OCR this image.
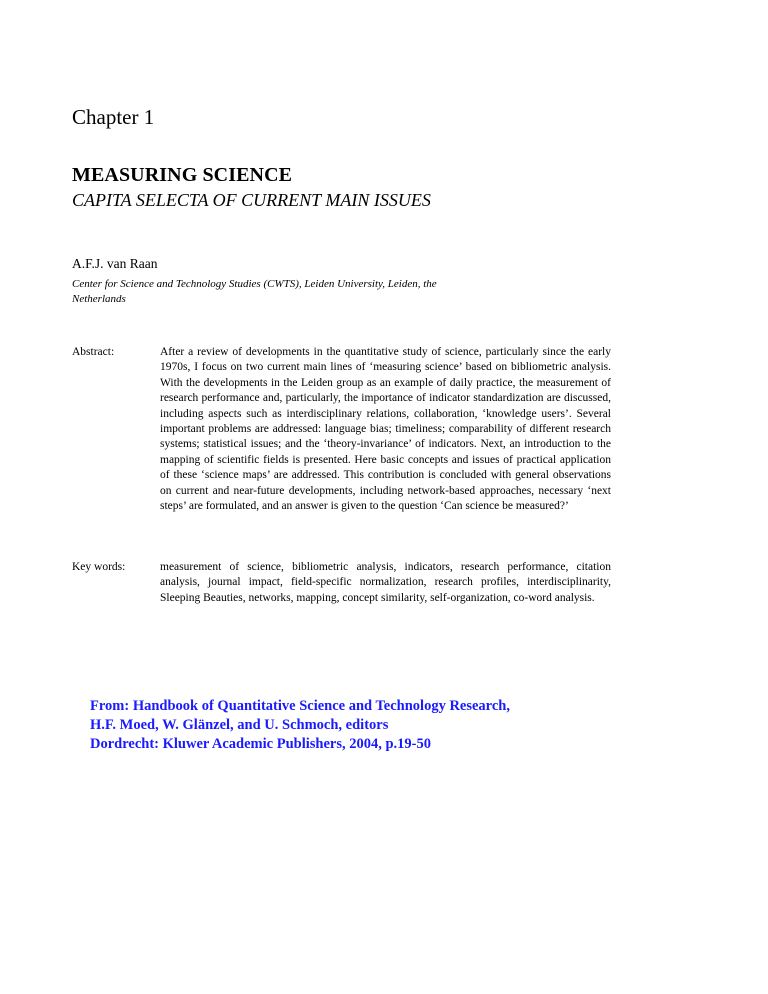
Chapter 1
MEASURING SCIENCE
CAPITA SELECTA OF CURRENT MAIN ISSUES
A.F.J. van Raan
Center for Science and Technology Studies (CWTS), Leiden University, Leiden, the Netherlands
Abstract:	After a review of developments in the quantitative study of science, particularly since the early 1970s, I focus on two current main lines of ‘measuring science’ based on bibliometric analysis. With the developments in the Leiden group as an example of daily practice, the measurement of research performance and, particularly, the importance of indicator standardization are discussed, including aspects such as interdisciplinary relations, collaboration, ‘knowledge users’. Several important problems are addressed: language bias; timeliness; comparability of different research systems; statistical issues; and the ‘theory-invariance’ of indicators. Next, an introduction to the mapping of scientific fields is presented. Here basic concepts and issues of practical application of these ‘science maps’ are addressed. This contribution is concluded with general observations on current and near-future developments, including network-based approaches, necessary ‘next steps’ are formulated, and an answer is given to the question ‘Can science be measured?’
Key words:	measurement of science, bibliometric analysis, indicators, research performance, citation analysis, journal impact, field-specific normalization, research profiles, interdisciplinarity, Sleeping Beauties, networks, mapping, concept similarity, self-organization, co-word analysis.
From: Handbook of Quantitative Science and Technology Research,
H.F. Moed, W. Glänzel, and U. Schmoch, editors
Dordrecht: Kluwer Academic Publishers, 2004, p.19-50
